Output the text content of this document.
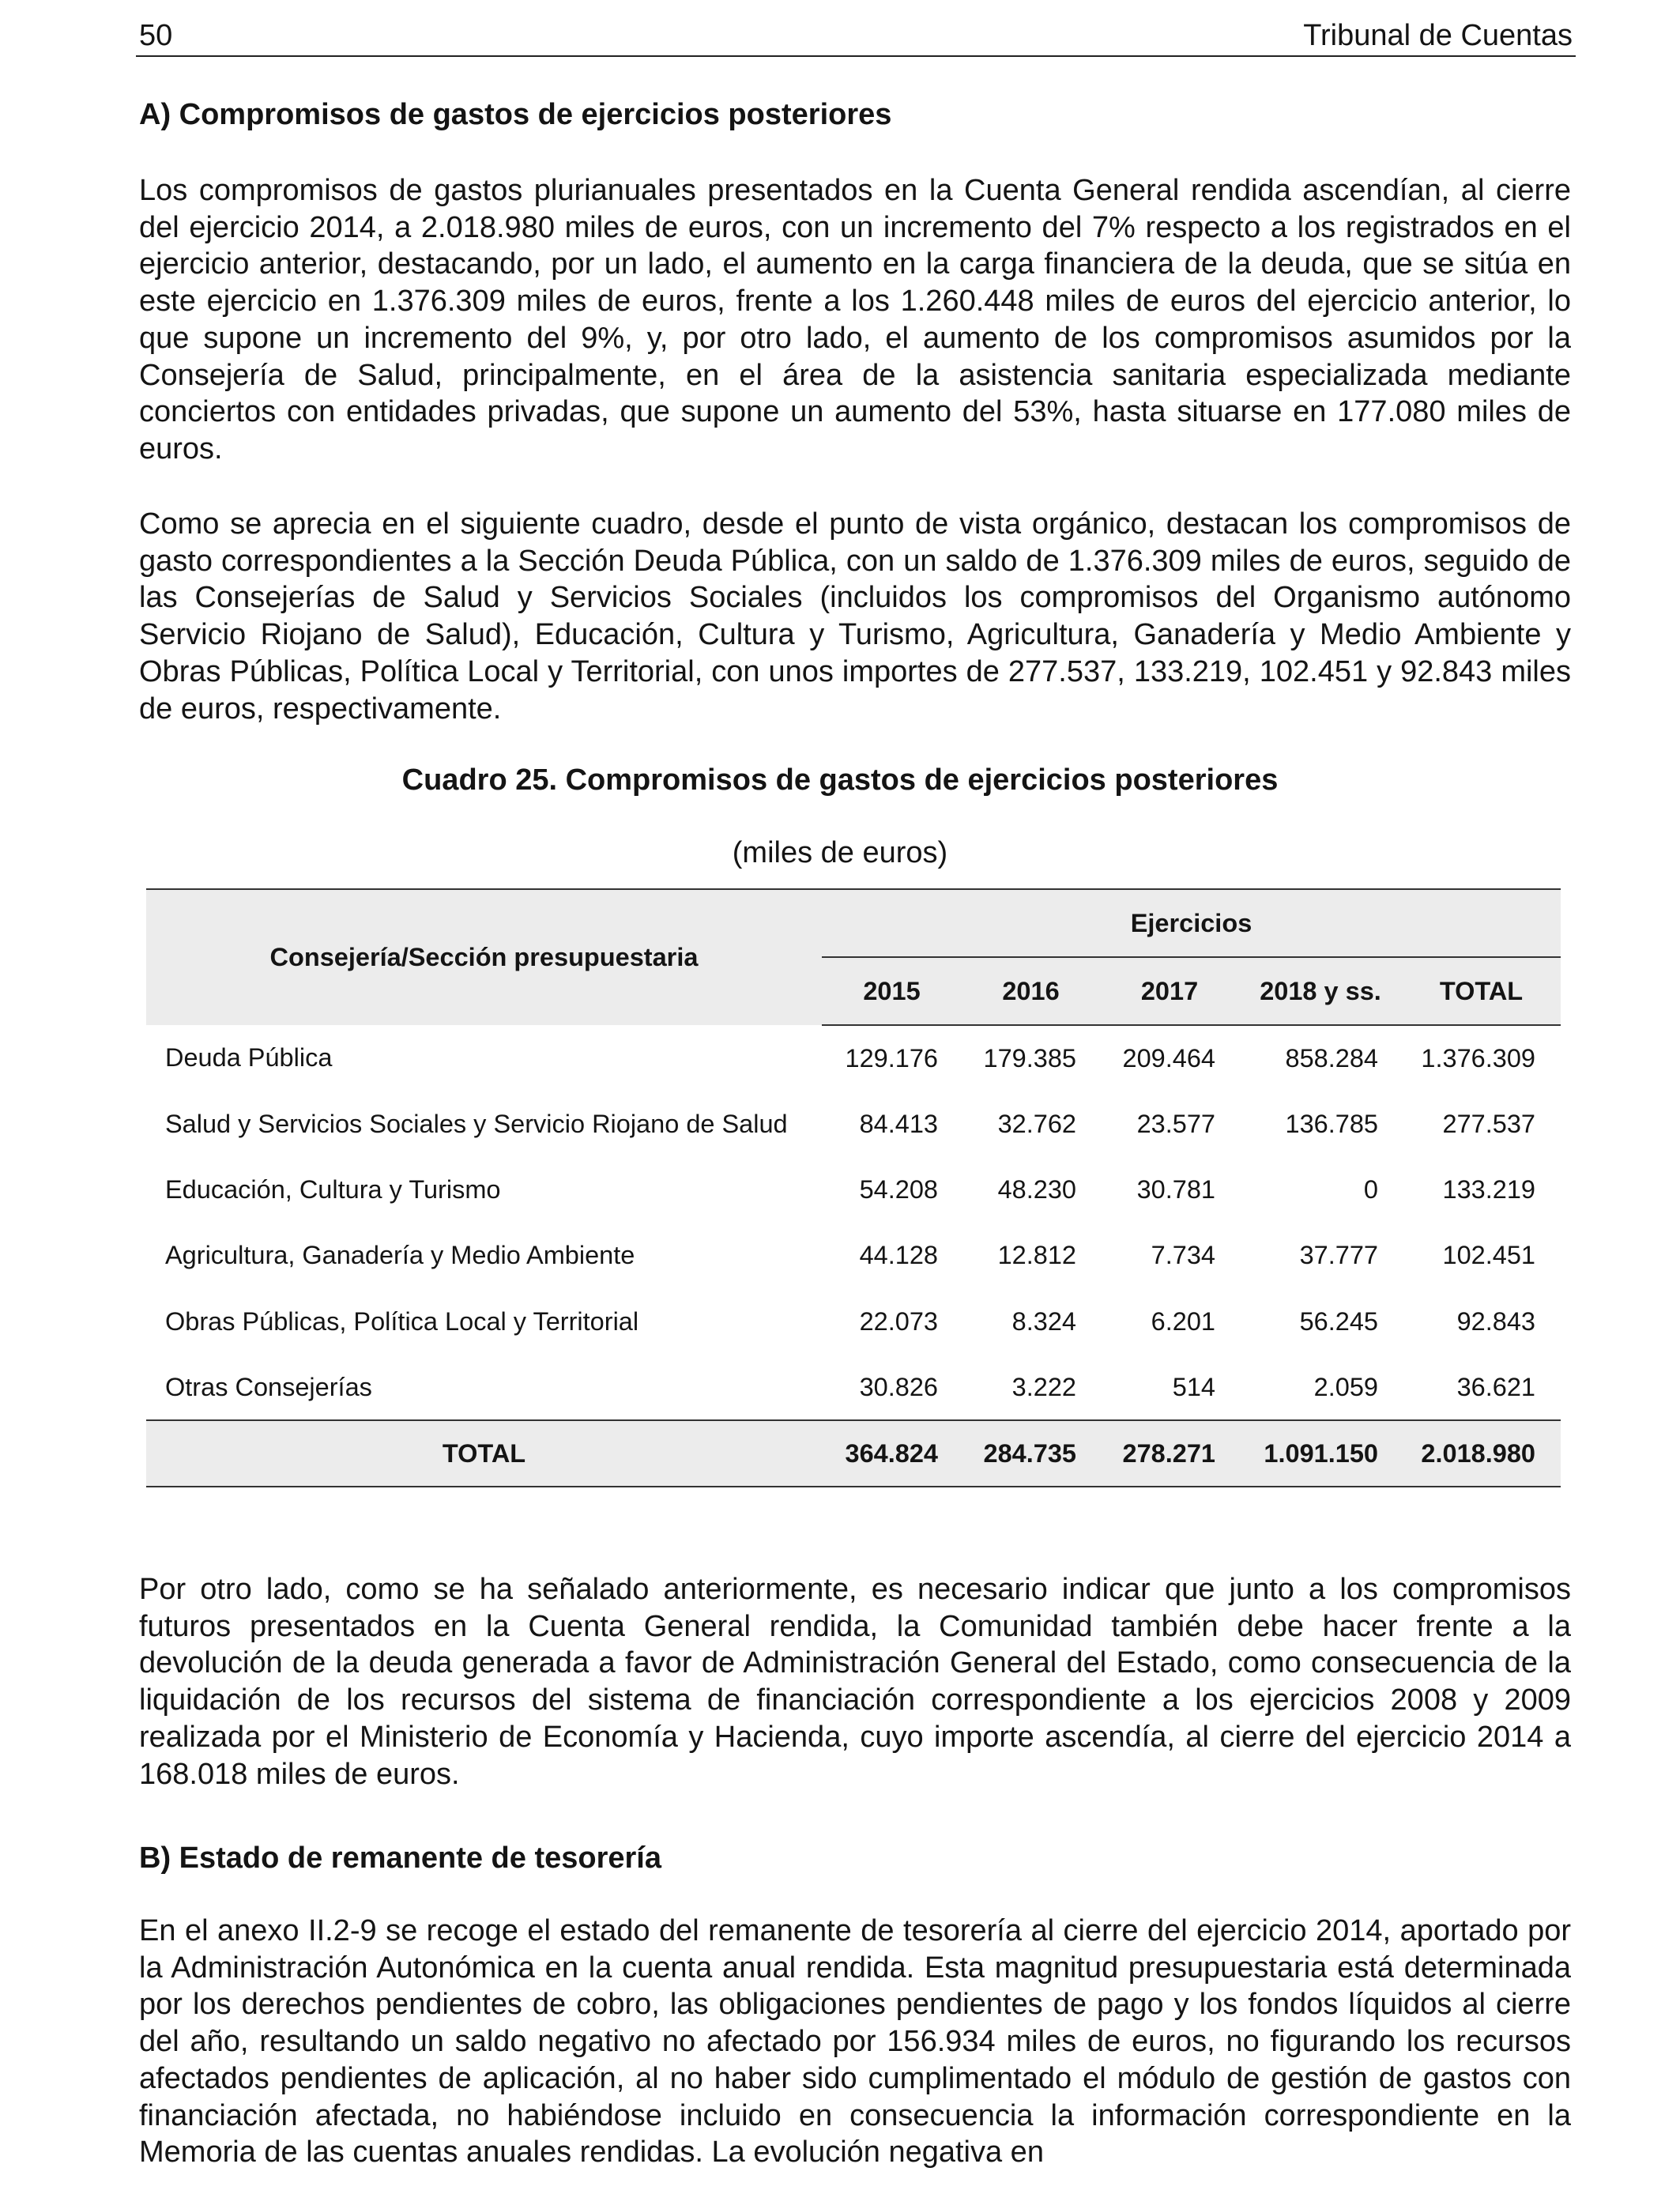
50	Tribunal de Cuentas
A) Compromisos de gastos de ejercicios posteriores

Los compromisos de gastos plurianuales presentados en la Cuenta General rendida ascendían, al cierre del ejercicio 2014, a 2.018.980 miles de euros, con un incremento del 7% respecto a los registrados en el ejercicio anterior, destacando, por un lado, el aumento en la carga financiera de la deuda, que se sitúa en este ejercicio en 1.376.309 miles de euros, frente a los 1.260.448 miles de euros del ejercicio anterior, lo que supone un incremento del 9%, y, por otro lado, el aumento de los compromisos asumidos por la Consejería de Salud, principalmente, en el área de la asistencia sanitaria especializada mediante conciertos con entidades privadas, que supone un aumento del 53%, hasta situarse en 177.080 miles de euros.

Como se aprecia en el siguiente cuadro, desde el punto de vista orgánico, destacan los compromisos de gasto correspondientes a la Sección Deuda Pública, con un saldo de 1.376.309 miles de euros, seguido de las Consejerías de Salud y Servicios Sociales (incluidos los compromisos del Organismo autónomo Servicio Riojano de Salud), Educación, Cultura y Turismo, Agricultura, Ganadería y Medio Ambiente y Obras Públicas, Política Local y Territorial, con unos importes de 277.537, 133.219, 102.451 y 92.843 miles de euros, respectivamente.

Cuadro 25. Compromisos de gastos de ejercicios posteriores
(miles de euros)
Consejería/Sección presupuestaria	Ejercicios				
	2015	2016	2017	2018 y ss.	TOTAL
Deuda Pública	129.176	179.385	209.464	858.284	1.376.309
Salud y Servicios Sociales y Servicio Riojano de Salud	84.413	32.762	23.577	136.785	277.537
Educación, Cultura y Turismo	54.208	48.230	30.781	0	133.219
Agricultura, Ganadería y Medio Ambiente	44.128	12.812	7.734	37.777	102.451
Obras Públicas, Política Local y Territorial	22.073	8.324	6.201	56.245	92.843
Otras Consejerías	30.826	3.222	514	2.059	36.621
TOTAL	364.824	284.735	278.271	1.091.150	2.018.980

Por otro lado, como se ha señalado anteriormente, es necesario indicar que junto a los compromisos futuros presentados en la Cuenta General rendida, la Comunidad también debe hacer frente a la devolución de la deuda generada a favor de Administración General del Estado, como consecuencia de la liquidación de los recursos del sistema de financiación correspondiente a los ejercicios 2008 y 2009 realizada por el Ministerio de Economía y Hacienda, cuyo importe ascendía, al cierre del ejercicio 2014 a 168.018 miles de euros.

B) Estado de remanente de tesorería

En el anexo II.2-9 se recoge el estado del remanente de tesorería al cierre del ejercicio 2014, aportado por la Administración Autonómica en la cuenta anual rendida. Esta magnitud presupuestaria está determinada por los derechos pendientes de cobro, las obligaciones pendientes de pago y los fondos líquidos al cierre del año, resultando un saldo negativo no afectado por 156.934 miles de euros, no figurando los recursos afectados pendientes de aplicación, al no haber sido cumplimentado el módulo de gestión de gastos con financiación afectada, no habiéndose incluido en consecuencia la información correspondiente en la Memoria de las cuentas anuales rendidas. La evolución negativa en
